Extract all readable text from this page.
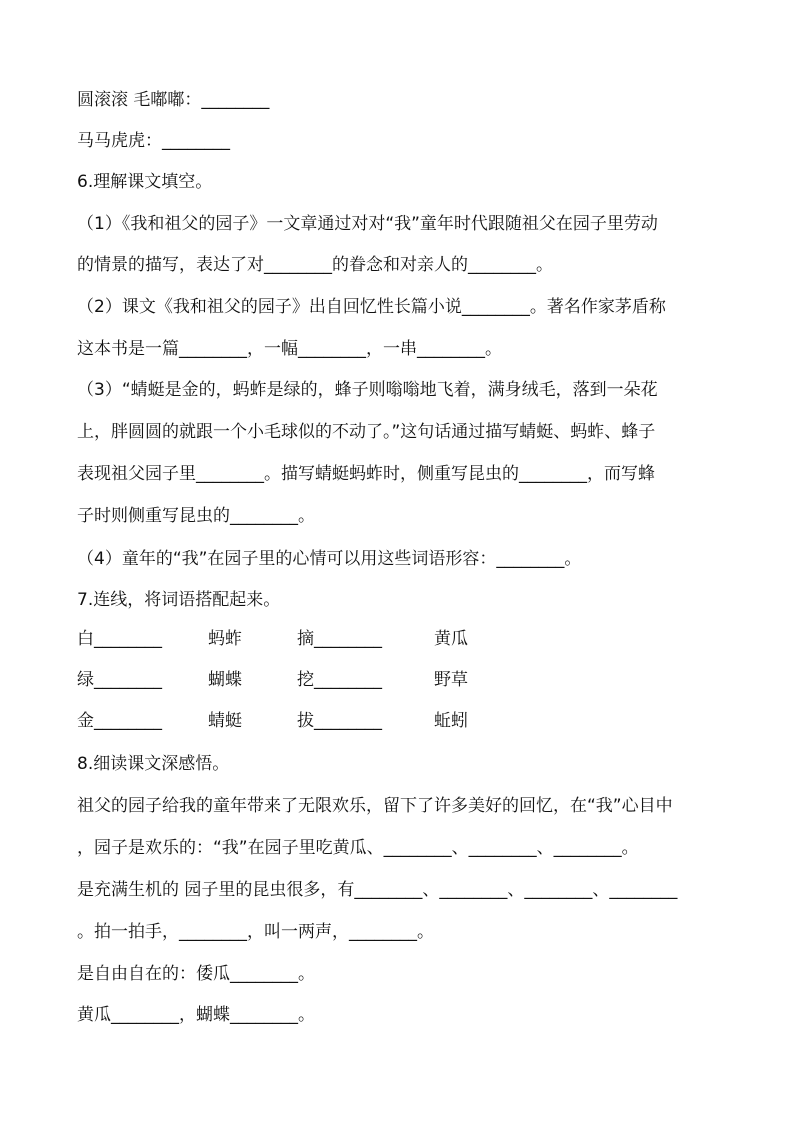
圆滚滚 毛嘟嘟：________
马马虎虎：________
6.理解课文填空。
（1）《我和祖父的园子》一文章通过对对“我”童年时代跟随祖父在园子里劳动
的情景的描写，表达了对________的眷念和对亲人的________。
（2）课文《我和祖父的园子》出自回忆性长篇小说________。著名作家茅盾称
这本书是一篇________，一幅________，一串________。
（3）“蜻蜓是金的，蚂蚱是绿的，蜂子则嗡嗡地飞着，满身绒毛，落到一朵花
上，胖圆圆的就跟一个小毛球似的不动了。”这句话通过描写蜻蜓、蚂蚱、蜂子
表现祖父园子里________。描写蜻蜓蚂蚱时，侧重写昆虫的________，而写蜂
子时则侧重写昆虫的________。
（4）童年的“我”在园子里的心情可以用这些词语形容：________。
7.连线，将词语搭配起来。
白________	蚂蚱	摘________	黄瓜
绿________	蝴蝶	挖________	野草
金________	蜻蜓	拔________	蚯蚓
8.细读课文深感悟。
祖父的园子给我的童年带来了无限欢乐，留下了许多美好的回忆，在“我”心目中
，园子是欢乐的：“我”在园子里吃黄瓜、________、________、________。
是充满生机的 园子里的昆虫很多，有________、________、________、________
。拍一拍手，________，叫一两声，________。
是自由自在的：倭瓜________。
黄瓜________，蝴蝶________。
